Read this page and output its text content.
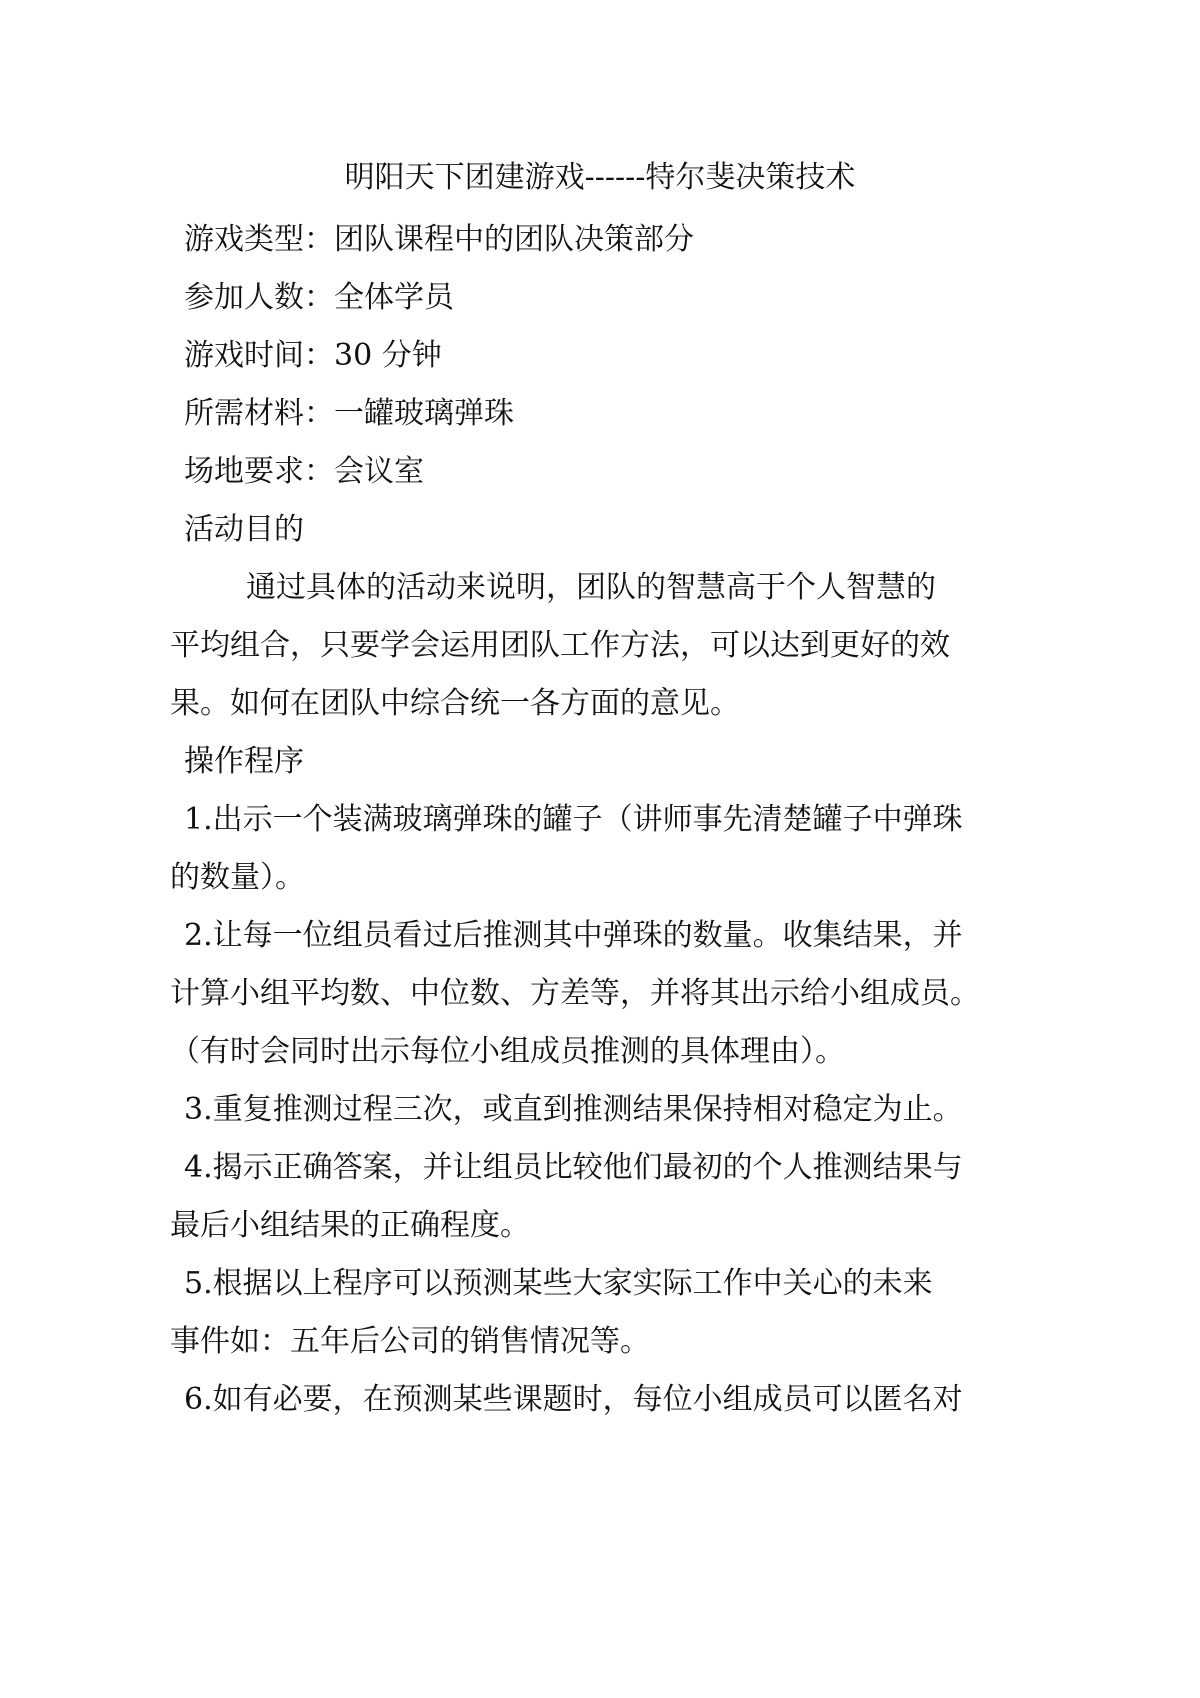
明阳天下团建游戏------特尔斐决策技术
游戏类型：团队课程中的团队决策部分
参加人数：全体学员
游戏时间：30 分钟
所需材料：一罐玻璃弹珠
场地要求：会议室
活动目的
通过具体的活动来说明，团队的智慧高于个人智慧的
平均组合，只要学会运用团队工作方法，可以达到更好的效
果。如何在团队中综合统一各方面的意见。
操作程序
1.出示一个装满玻璃弹珠的罐子（讲师事先清楚罐子中弹珠
的数量）。
2.让每一位组员看过后推测其中弹珠的数量。收集结果，并
计算小组平均数、中位数、方差等，并将其出示给小组成员。
（有时会同时出示每位小组成员推测的具体理由）。
3.重复推测过程三次，或直到推测结果保持相对稳定为止。
4.揭示正确答案，并让组员比较他们最初的个人推测结果与
最后小组结果的正确程度。
5.根据以上程序可以预测某些大家实际工作中关心的未来
事件如：五年后公司的销售情况等。
6.如有必要，在预测某些课题时，每位小组成员可以匿名对
